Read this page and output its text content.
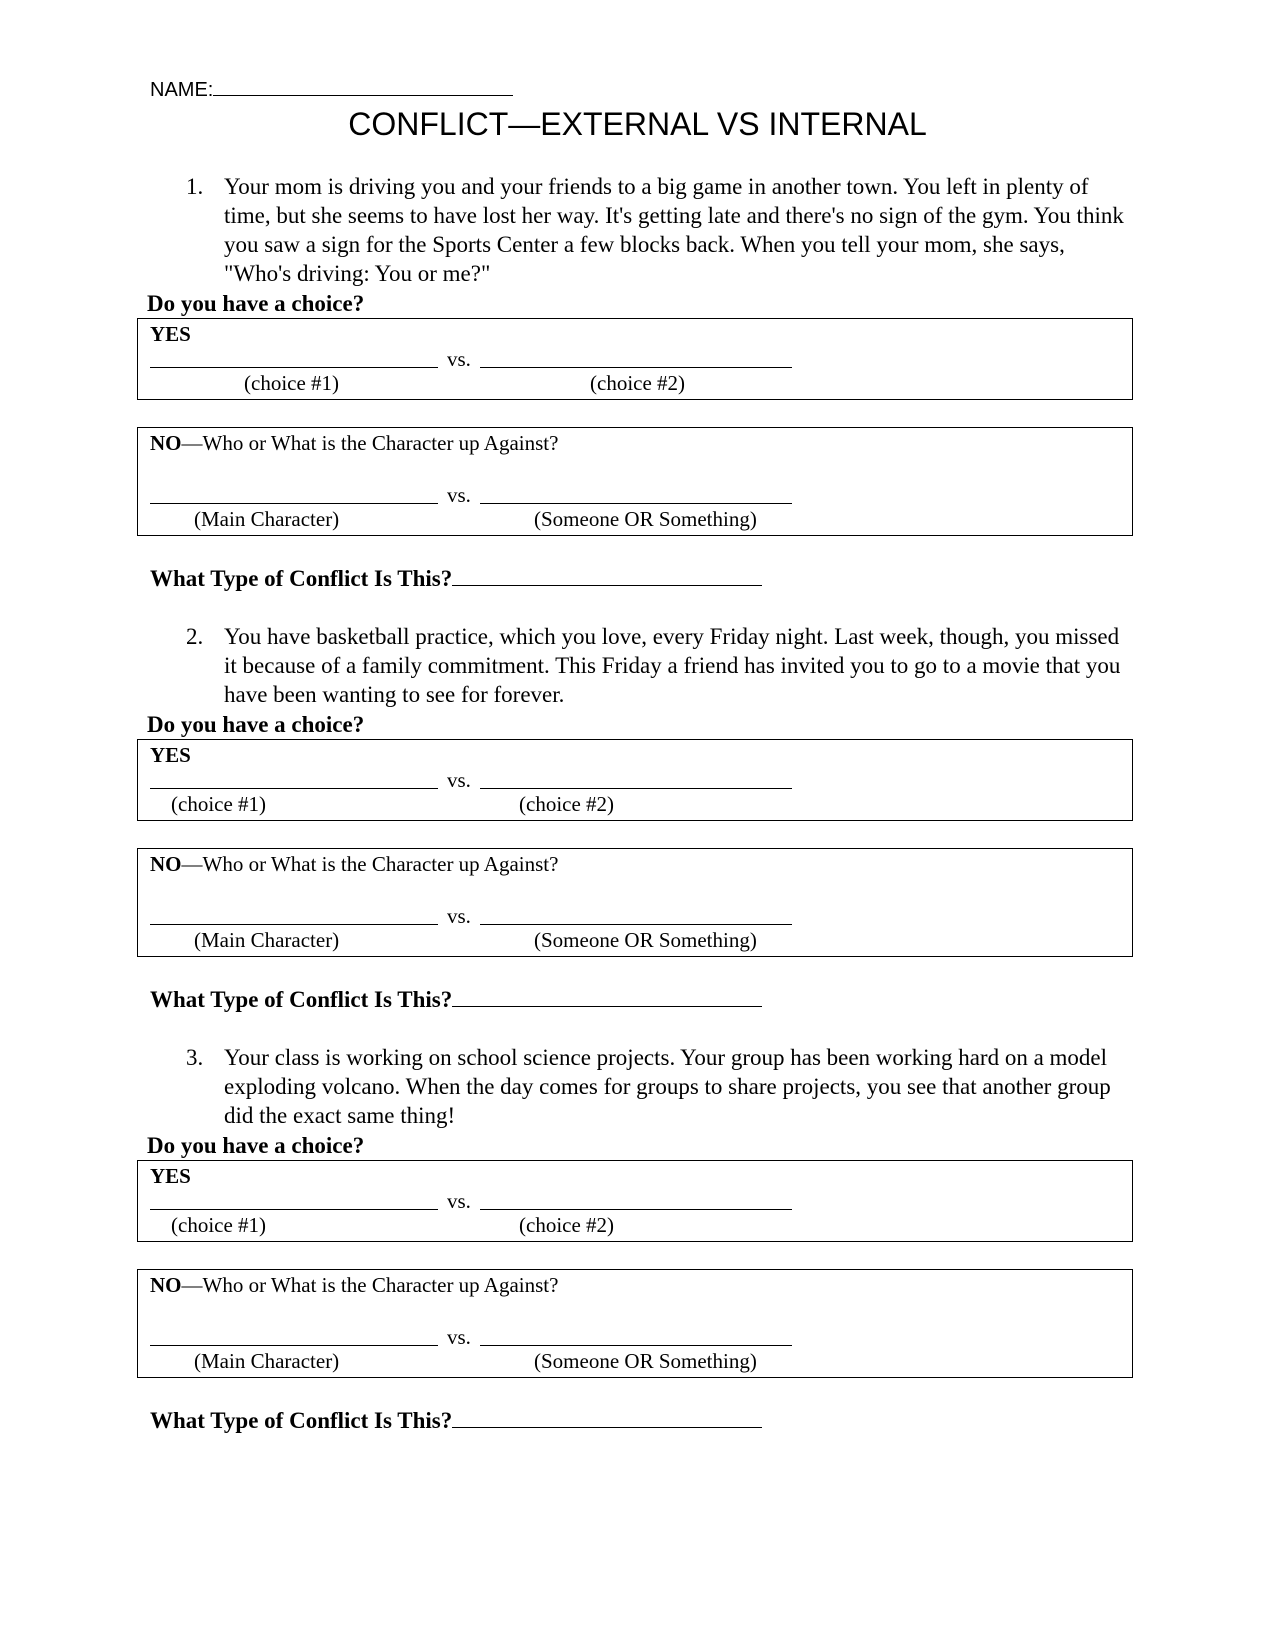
NAME:
CONFLICT—EXTERNAL VS INTERNAL
1. Your mom is driving you and your friends to a big game in another town. You left in plenty of time, but she seems to have lost her way. It's getting late and there's no sign of the gym. You think you saw a sign for the Sports Center a few blocks back. When you tell your mom, she says, "Who's driving: You or me?"
Do you have a choice?
YES
vs.
(choice #1)	(choice #2)
NO—Who or What is the Character up Against?
vs.
(Main Character)	(Someone OR Something)
What Type of Conflict Is This?
2. You have basketball practice, which you love, every Friday night. Last week, though, you missed it because of a family commitment. This Friday a friend has invited you to go to a movie that you have been wanting to see for forever.
Do you have a choice?
YES
vs.
(choice #1)	(choice #2)
NO—Who or What is the Character up Against?
vs.
(Main Character)	(Someone OR Something)
What Type of Conflict Is This?
3. Your class is working on school science projects. Your group has been working hard on a model exploding volcano. When the day comes for groups to share projects, you see that another group did the exact same thing!
Do you have a choice?
YES
vs.
(choice #1)	(choice #2)
NO—Who or What is the Character up Against?
vs.
(Main Character)	(Someone OR Something)
What Type of Conflict Is This?
